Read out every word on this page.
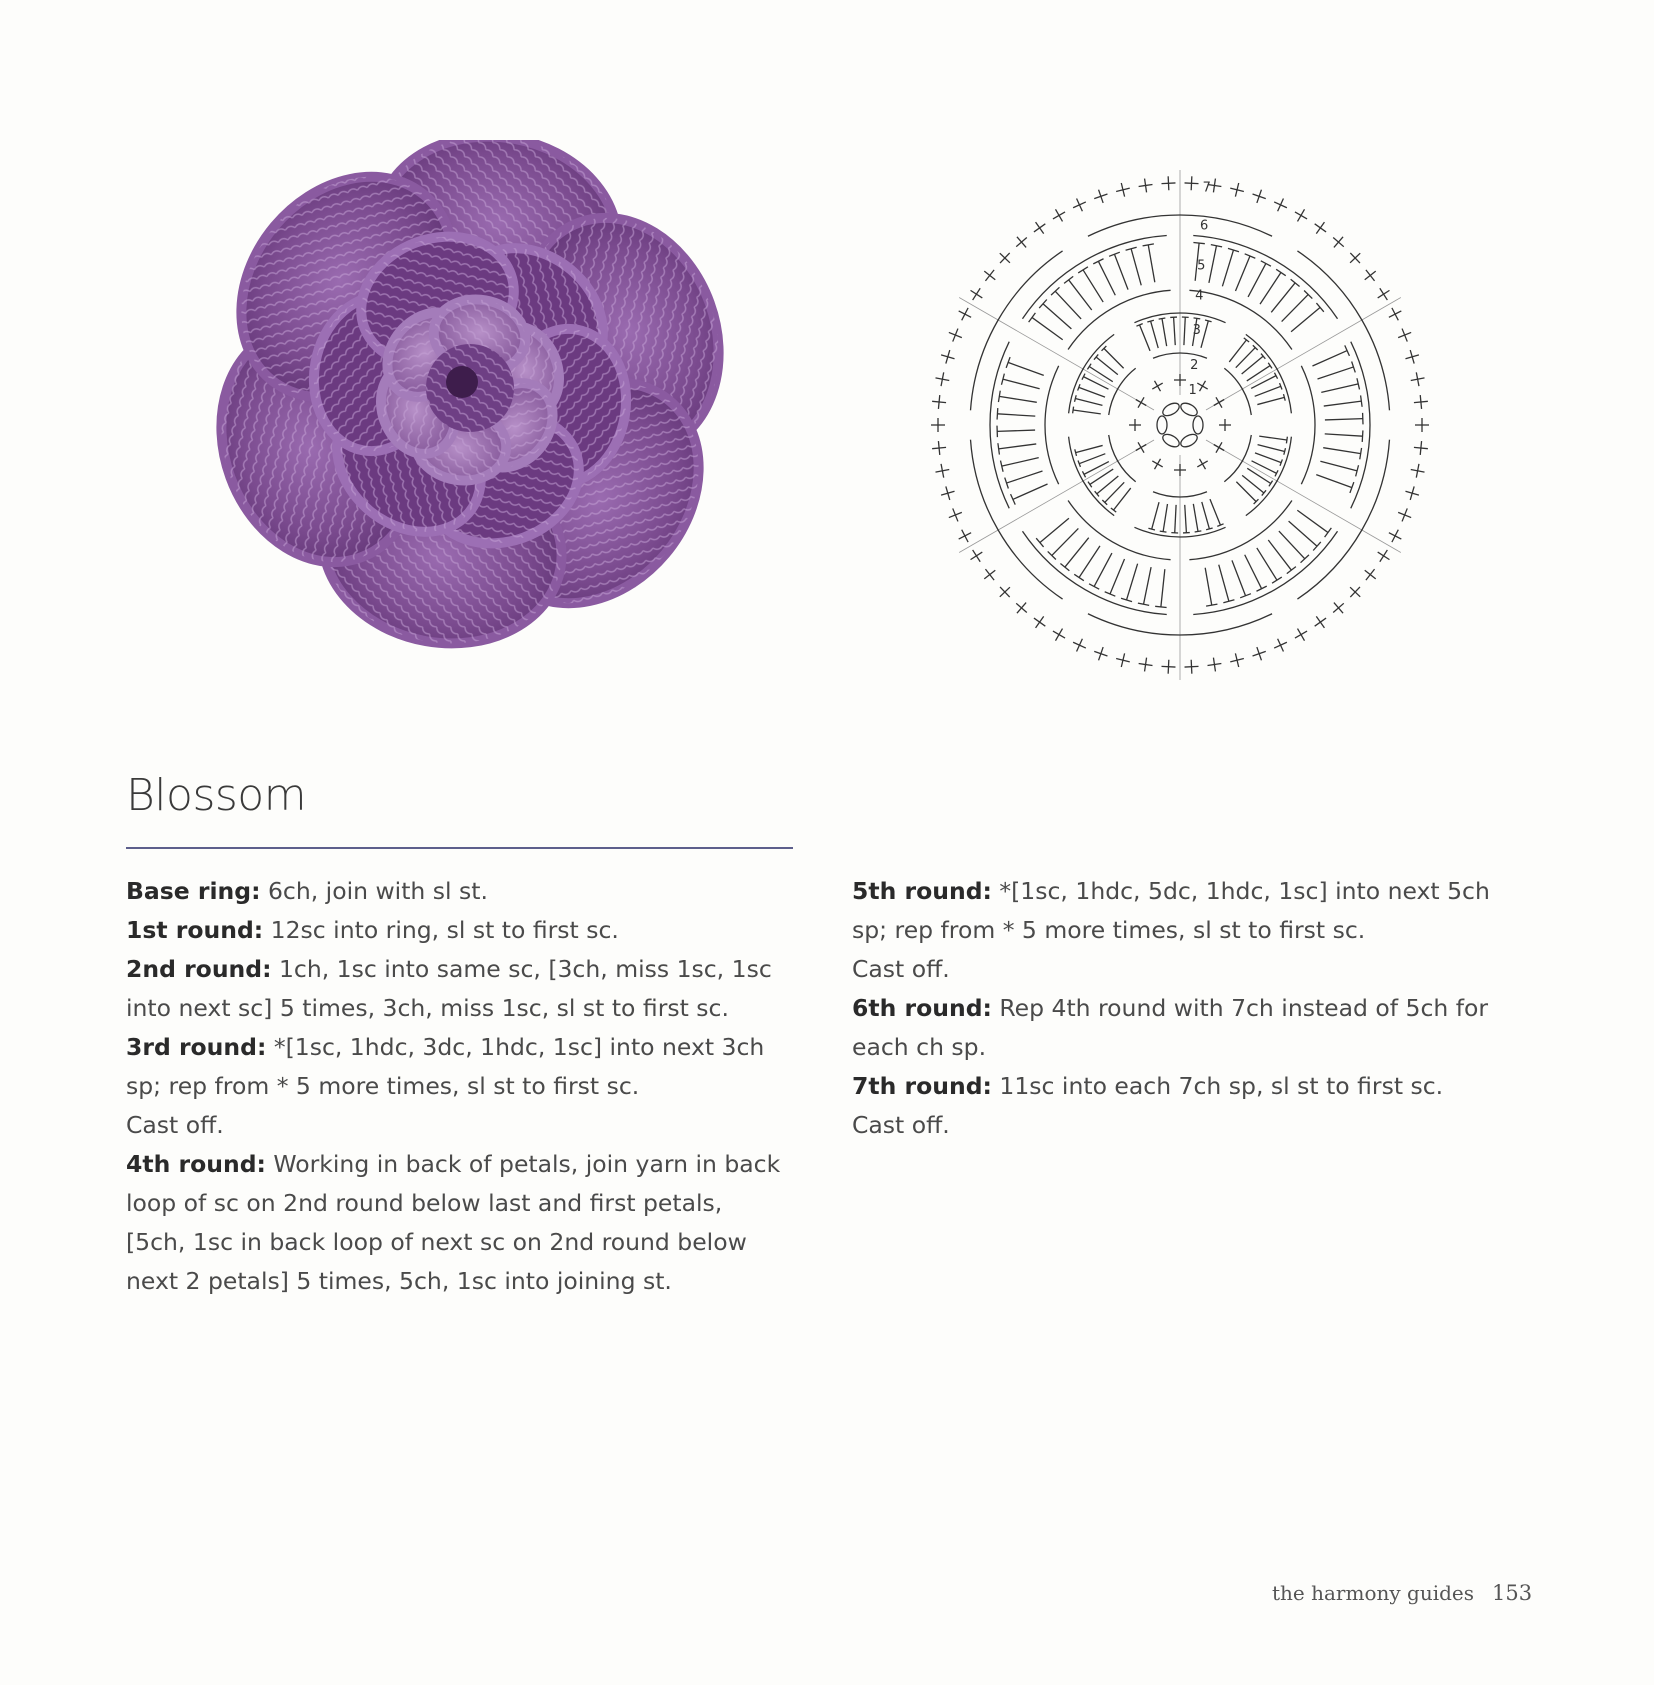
1
2
3
4
5
6
7
Blossom

Base ring: 6ch, join with sl st.

1st round: 12sc into ring, sl st to first sc.

2nd round: 1ch, 1sc into same sc, [3ch, miss 1sc, 1sc into next sc] 5 times, 3ch, miss 1sc, sl st to first sc.

3rd round: *[1sc, 1hdc, 3dc, 1hdc, 1sc] into next 3ch sp; rep from * 5 more times, sl st to first sc.

Cast off.

4th round: Working in back of petals, join yarn in back loop of sc on 2nd round below last and first petals, [5ch, 1sc in back loop of next sc on 2nd round below next 2 petals] 5 times, 5ch, 1sc into joining st.

5th round: *[1sc, 1hdc, 5dc, 1hdc, 1sc] into next 5ch sp; rep from * 5 more times, sl st to first sc.

Cast off.

6th round: Rep 4th round with 7ch instead of 5ch for each ch sp.

7th round: 11sc into each 7ch sp, sl st to first sc.

Cast off.

the harmony guides 153
